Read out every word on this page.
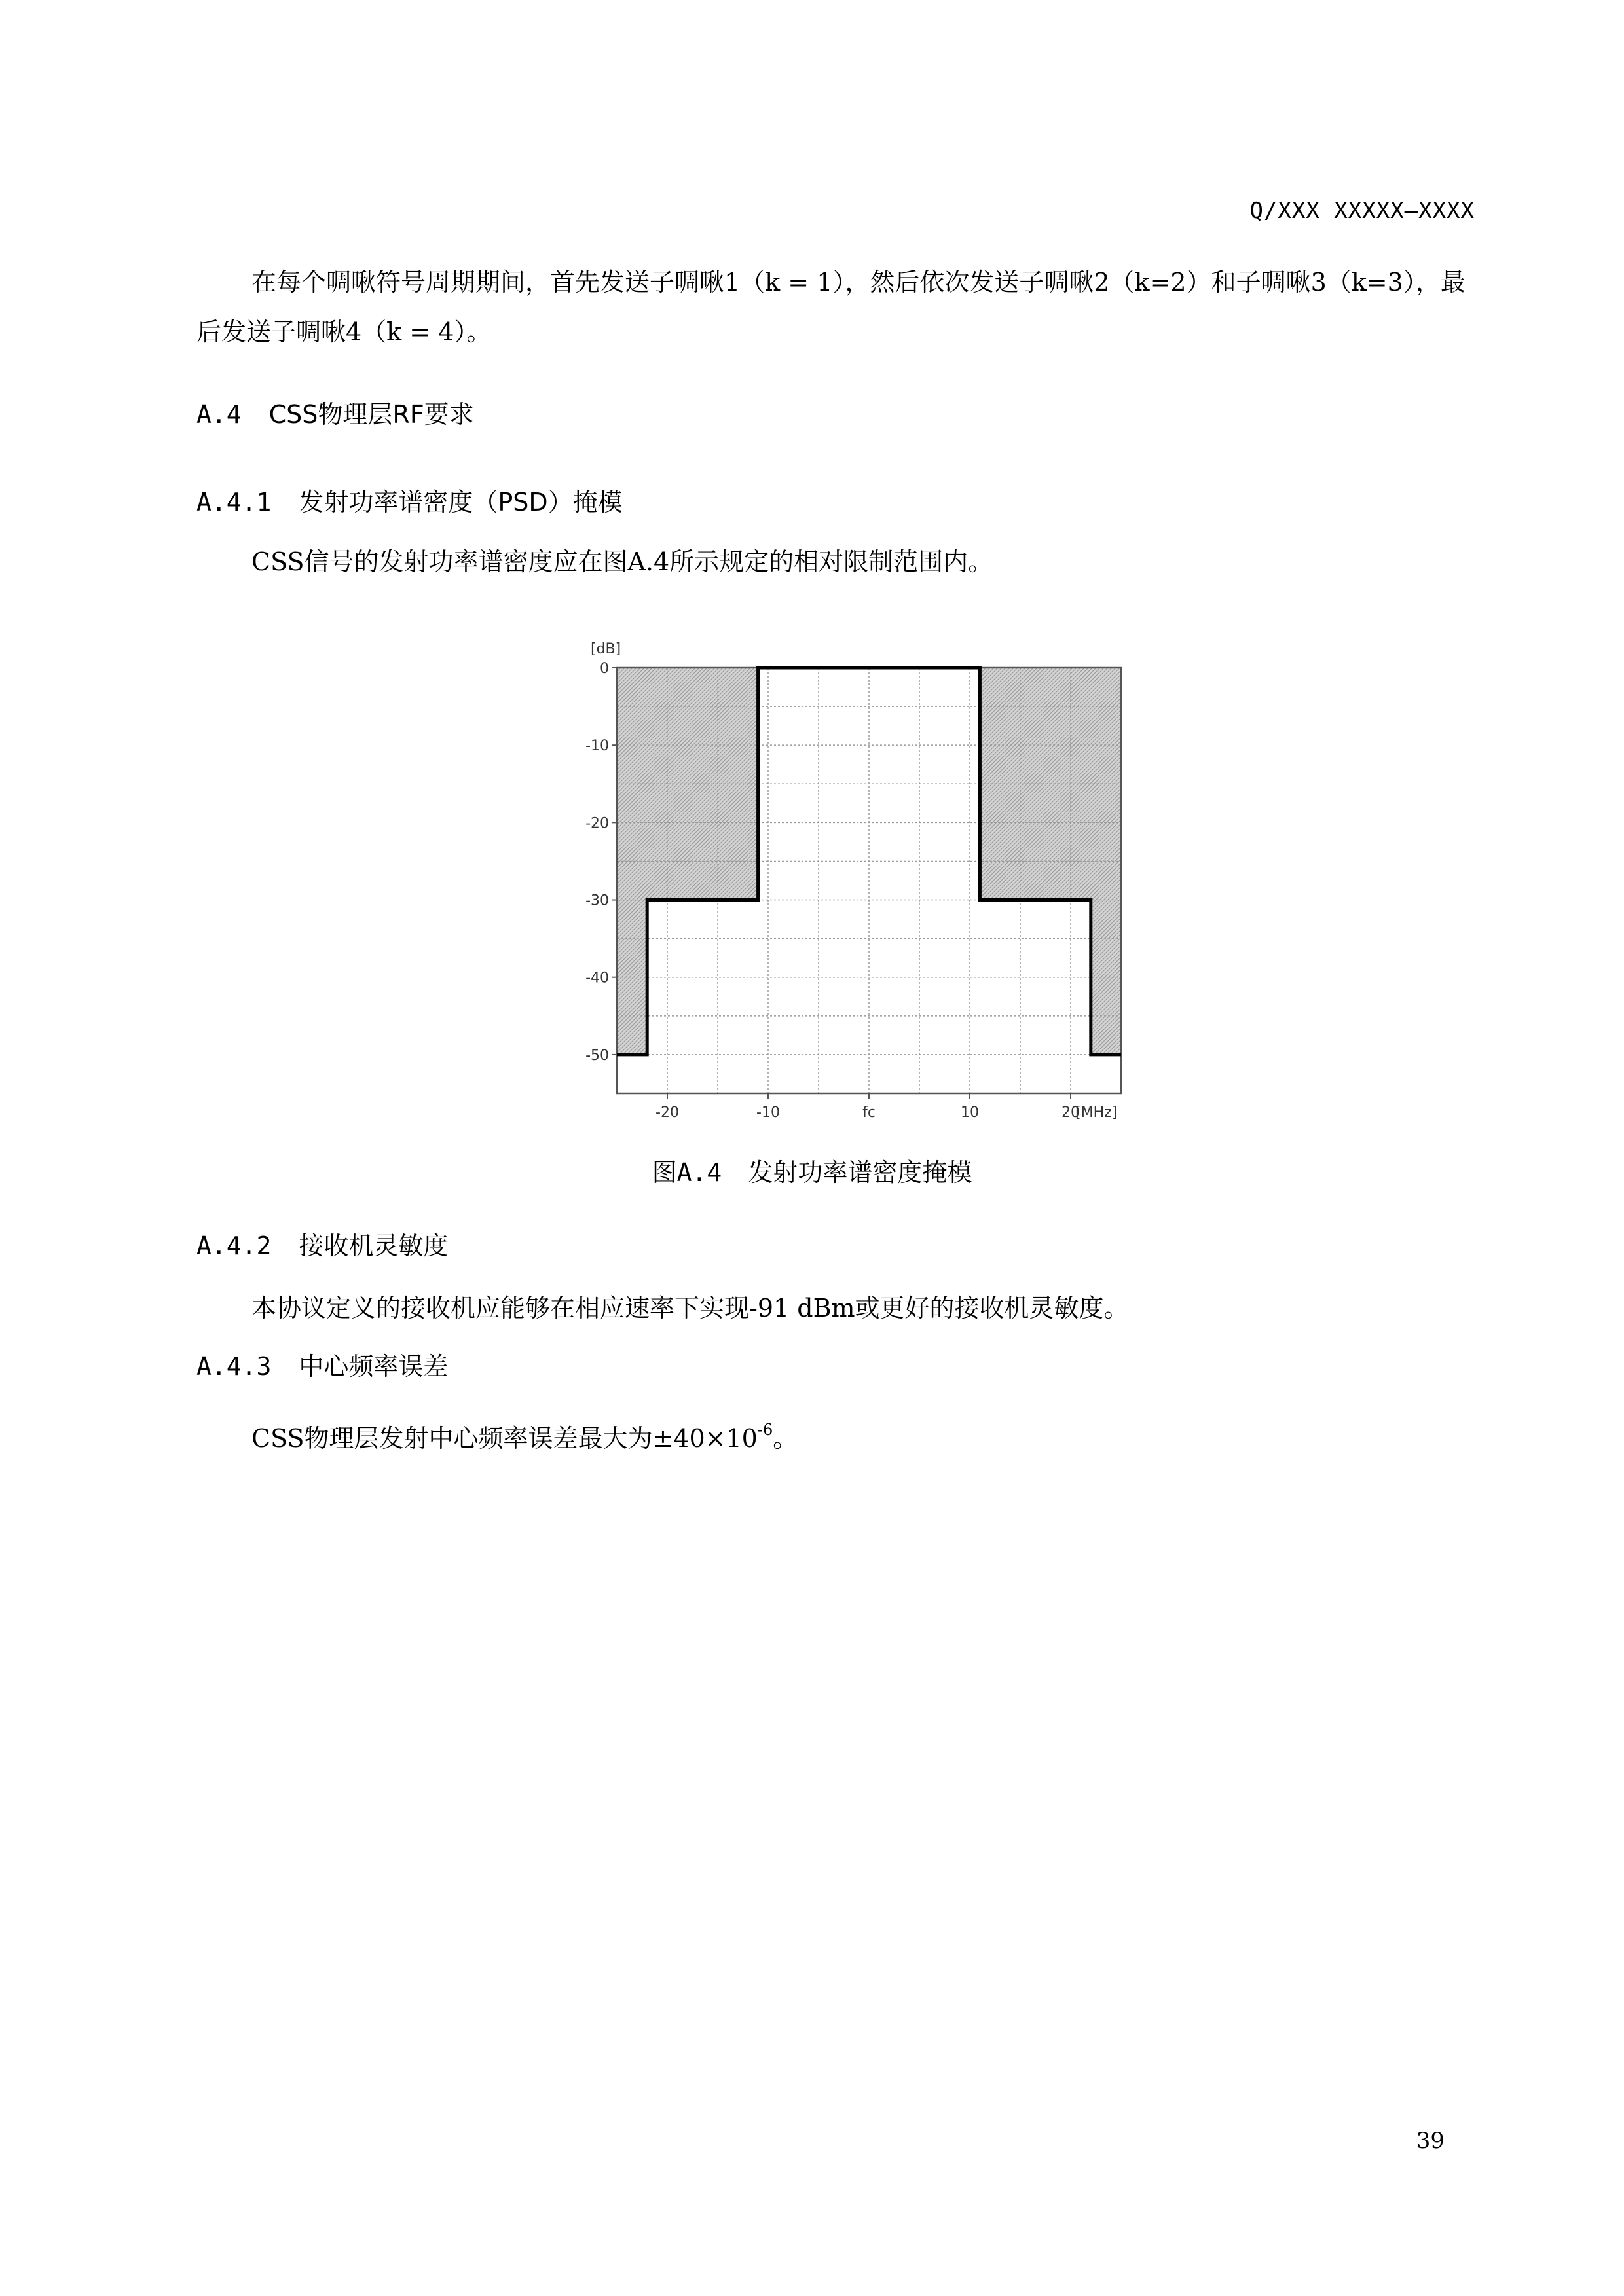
Q/XXX XXXXX—XXXX
在每个啁啾符号周期期间，首先发送子啁啾1（k = 1），然后依次发送子啁啾2（k=2）和子啁啾3（k=3），最后发送子啁啾4（k = 4）。
A.4 CSS物理层RF要求
A.4.1 发射功率谱密度（PSD）掩模
CSS信号的发射功率谱密度应在图A.4所示规定的相对限制范围内。
0
-10
-20
-30
-40
-50
-20	-10	fc	10	20
[dB]
[MHz]
图A.4 发射功率谱密度掩模
A.4.2 接收机灵敏度
本协议定义的接收机应能够在相应速率下实现-91 dBm或更好的接收机灵敏度。
A.4.3 中心频率误差
CSS物理层发射中心频率误差最大为$\pm 40\times 10^{-6}$。
39
